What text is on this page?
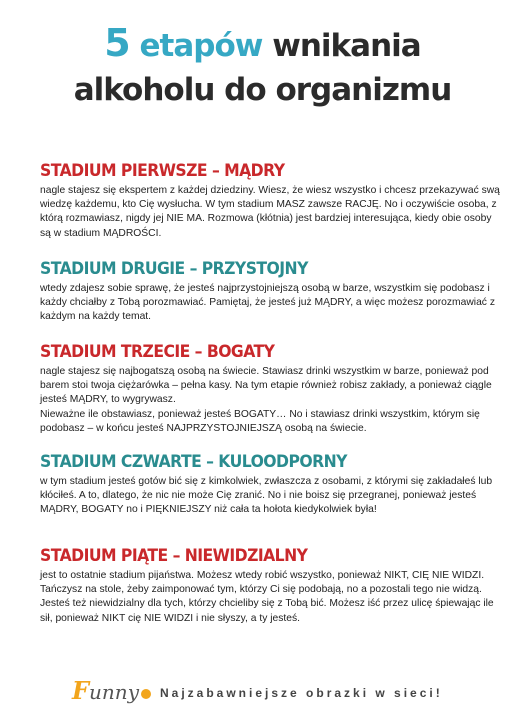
5 etapów wnikania
alkoholu do organizmu
STADIUM PIERWSZE – MĄDRY

nagle stajesz się ekspertem z każdej dziedziny. Wiesz, że wiesz wszystko i chcesz przekazywać swą wiedzę każdemu, kto Cię wysłucha. W tym stadium MASZ zawsze RACJĘ. No i oczywiście osoba, z którą rozmawiasz, nigdy jej NIE MA. Rozmowa (kłótnia) jest bardziej interesująca, kiedy obie osoby są w stadium MĄDROŚCI.

STADIUM DRUGIE – PRZYSTOJNY

wtedy zdajesz sobie sprawę, że jesteś najprzystojniejszą osobą w barze, wszystkim się podobasz i każdy chciałby z Tobą porozmawiać. Pamiętaj, że jesteś już MĄDRY, a więc możesz porozmawiać z każdym na każdy temat.

STADIUM TRZECIE – BOGATY

nagle stajesz się najbogatszą osobą na świecie. Stawiasz drinki wszystkim w barze, ponieważ pod barem stoi twoja ciężarówka – pełna kasy. Na tym etapie również robisz zakłady, a ponieważ ciągle jesteś MĄDRY, to wygrywasz.

Nieważne ile obstawiasz, ponieważ jesteś BOGATY… No i stawiasz drinki wszystkim, którym się podobasz – w końcu jesteś NAJPRZYSTOJNIEJSZĄ osobą na świecie.

STADIUM CZWARTE – KULOODPORNY

w tym stadium jesteś gotów bić się z kimkolwiek, zwłaszcza z osobami, z którymi się zakładałeś lub kłóciłeś. A to, dlatego, że nic nie może Cię zranić. No i nie boisz się przegranej, ponieważ jesteś MĄDRY, BOGATY no i PIĘKNIEJSZY niż cała ta hołota kiedykolwiek była!

STADIUM PIĄTE – NIEWIDZIALNY

jest to ostatnie stadium pijaństwa. Możesz wtedy robić wszystko, ponieważ NIKT, CIĘ NIE WIDZI. Tańczysz na stole, żeby zaimponować tym, którzy Ci się podobają, no a pozostali tego nie widzą. Jesteś też niewidzialny dla tych, którzy chcieliby się z Tobą bić. Możesz iść przez ulicę śpiewając ile sił, ponieważ NIKT cię NIE WIDZI i nie słyszy, a ty jesteś.

Funny	Najzabawniejsze obrazki w sieci!
